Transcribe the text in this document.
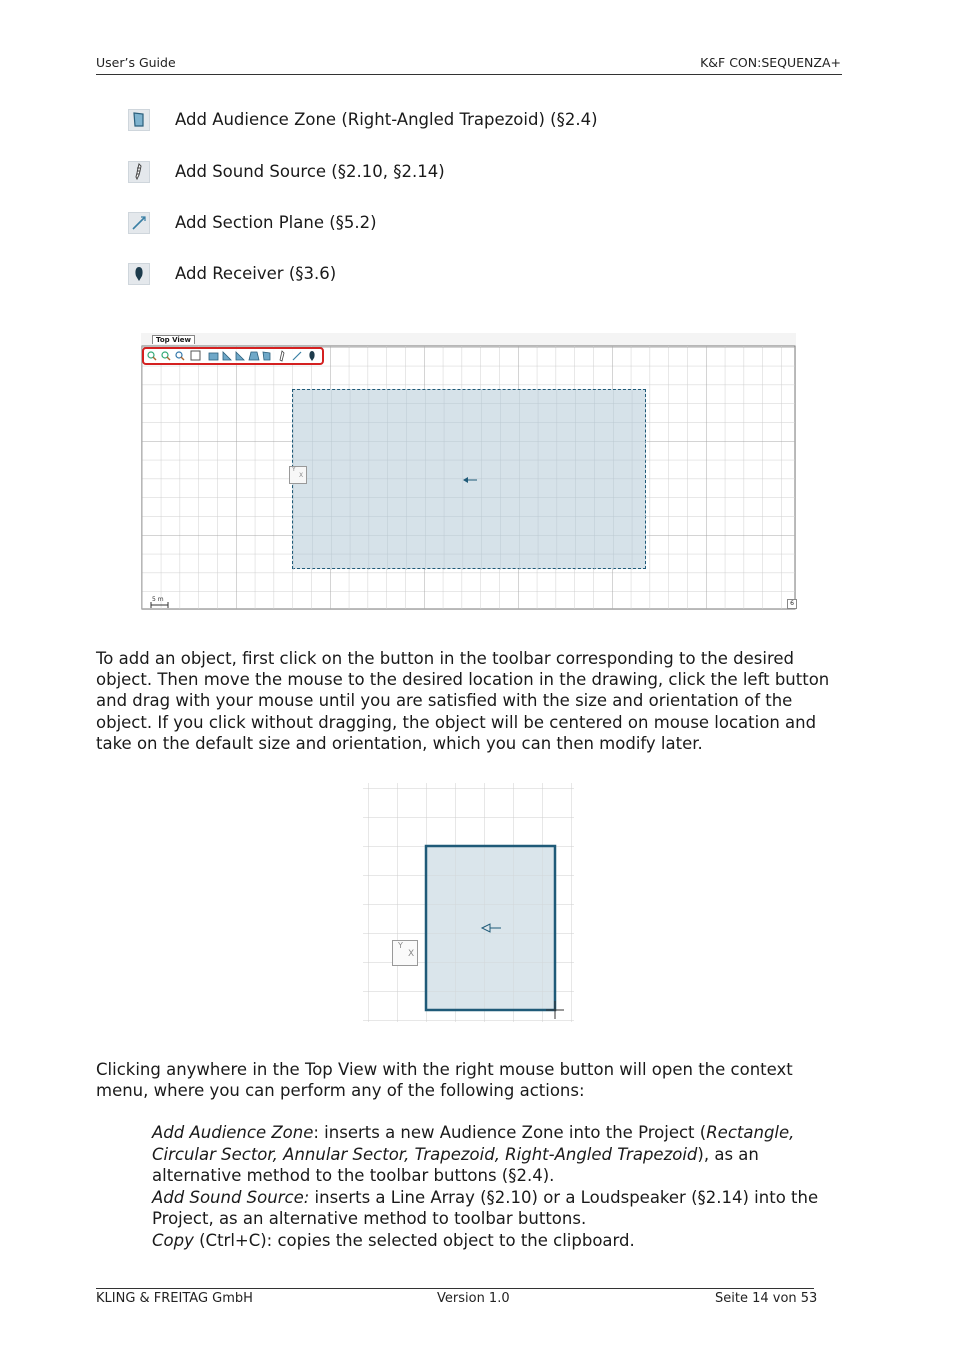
User’s Guide	K&F CON:SEQUENZA+
Add Audience Zone (Right-Angled Trapezoid) (§2.4)
Add Sound Source (§2.10, §2.14)
Add Section Plane (§5.2)
Add Receiver (§3.6)
Top View
Y
X
5 m
6
To add an object, first click on the button in the toolbar corresponding to the desired object. Then move the mouse to the desired location in the drawing, click the left button and drag with your mouse until you are satisfied with the size and orientation of the object. If you click without dragging, the object will be centered on mouse location and take on the default size and orientation, which you can then modify later.
Y
X
Clicking anywhere in the Top View with the right mouse button will open the context menu, where you can perform any of the following actions:

Add Audience Zone: inserts a new Audience Zone into the Project (Rectangle, Circular Sector, Annular Sector, Trapezoid, Right-Angled Trapezoid), as an alternative method to the toolbar buttons (§2.4).

Add Sound Source: inserts a Line Array (§2.10) or a Loudspeaker (§2.14) into the Project, as an alternative method to toolbar buttons.

Copy (Ctrl+C): copies the selected object to the clipboard.

KLING & FREITAG GmbH	Version 1.0	Seite 14 von 53
